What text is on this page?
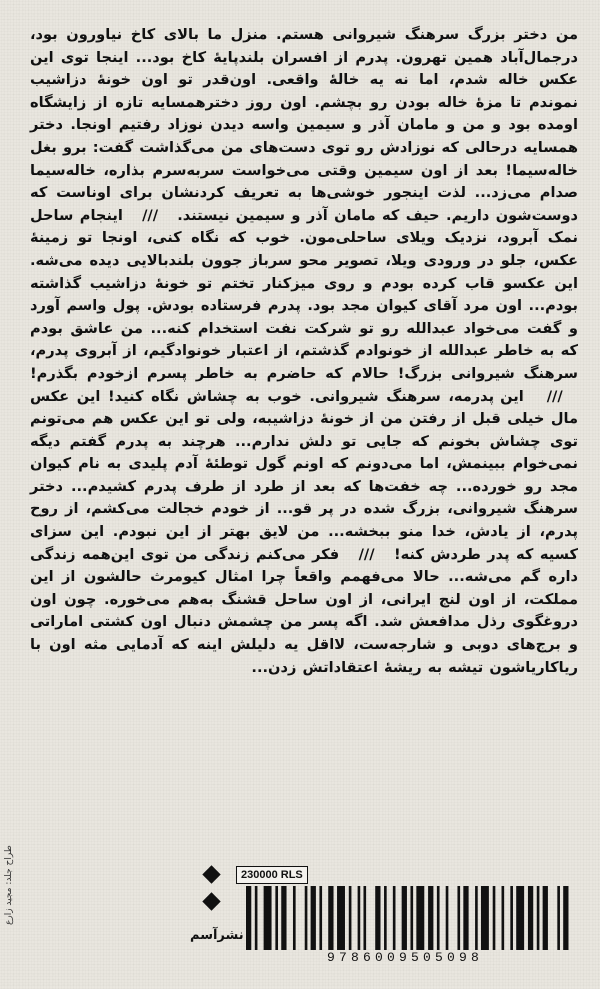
من دختر بزرگ سرهنگ شیروانی هستم. منزل ما بالای کاخ نیاورون بود، درجمال‌آباد همین تهرون. پدرم از افسران بلندپایهٔ کاخ بود... اینجا توی این عکس خاله شدم، اما نه یه خالهٔ واقعی. اون‌قدر تو اون خونهٔ دزاشیب نموندم تا مزهٔ خاله بودن رو بچشم. اون روز دخترهمسایه تازه از زایشگاه اومده بود و من و مامان آذر و سیمین واسه دیدن نوزاد رفتیم اونجا. دختر همسایه درحالی که نوزادش رو توی دست‌های من می‌گذاشت گفت: برو بغل خاله‌سیما! بعد از اون سیمین وقتی می‌خواست سربه‌سرم بذاره، خاله‌سیما صدام می‌زد... لذت اینجور خوشی‌ها به تعریف کردنشان برای اونا‌ست که دوست‌شون داریم. حیف که مامان آذر و سیمین نیستند.   ///   اینجام ساحل نمک آبرود، نزدیک ویلای ساحلی‌مون. خوب که نگاه کنی، اونجا تو زمینهٔ عکس، جلو در ورودی ویلا، تصویر محو سرباز جوون بلندبالایی دیده می‌شه. این عکسو قاب کرده بودم و روی میزکنار تختم تو خونهٔ دزاشیب گذاشته بودم... اون مرد آقای کیوان مجد بود. پدرم فرستاده بودش. پول واسم آورد و گفت می‌خواد عبدالله رو تو شرکت نفت استخدام کنه... من عاشق بودم که به خاطر عبدالله از خونوادم گذشتم، از اعتبار خونوادگیم، از آبروی پدرم، سرهنگ شیروانی بزرگ! حالام که حاضرم به خاطر پسرم ازخودم بگذرم!   ///   این پدرمه، سرهنگ شیروانی. خوب به چشاش نگاه کنید! این عکس مال خیلی قبل از رفتن من از خونهٔ دزاشیبه، ولی تو این عکس هم می‌تونم توی چشاش بخونم که جایی تو دلش ندارم... هرچند به پدرم گفتم دیگه نمی‌خوام ببینمش، اما می‌دونم که اونم گول توطئهٔ آدم پلیدی به نام کیوان مجد رو خورده... چه خفت‌ها که بعد از طرد از طرف پدرم کشیدم... دختر سرهنگ شیروانی، بزرگ شده در پر قو... از خودم خجالت می‌کشم، از روح پدرم، از یادش، خدا منو ببخشه... من لایق بهتر از این نبودم. این سزای کسیه که پدر طردش کنه!   ///   فکر می‌کنم زندگی من توی این‌همه زندگی داره گم می‌شه... حالا می‌فهمم واقعاً چرا امثال کیومرث حالشون از این مملکت، از اون لنج ایرانی، از اون ساحل قشنگ به‌هم می‌خوره. چون اون دروغگوی رذل مدافعش شد. اگه پسر من چشمش دنبال اون کشتی اماراتی و برج‌های دوبی و شارجه‌ست، لااقل یه دلیلش اینه که آدمایی مثه اون با ریاکاریاشون تیشه به ریشهٔ اعتقاداتش زدن...

طراح جلد: مجید زارع
نشرآسم
230000 RLS
9786009505098
